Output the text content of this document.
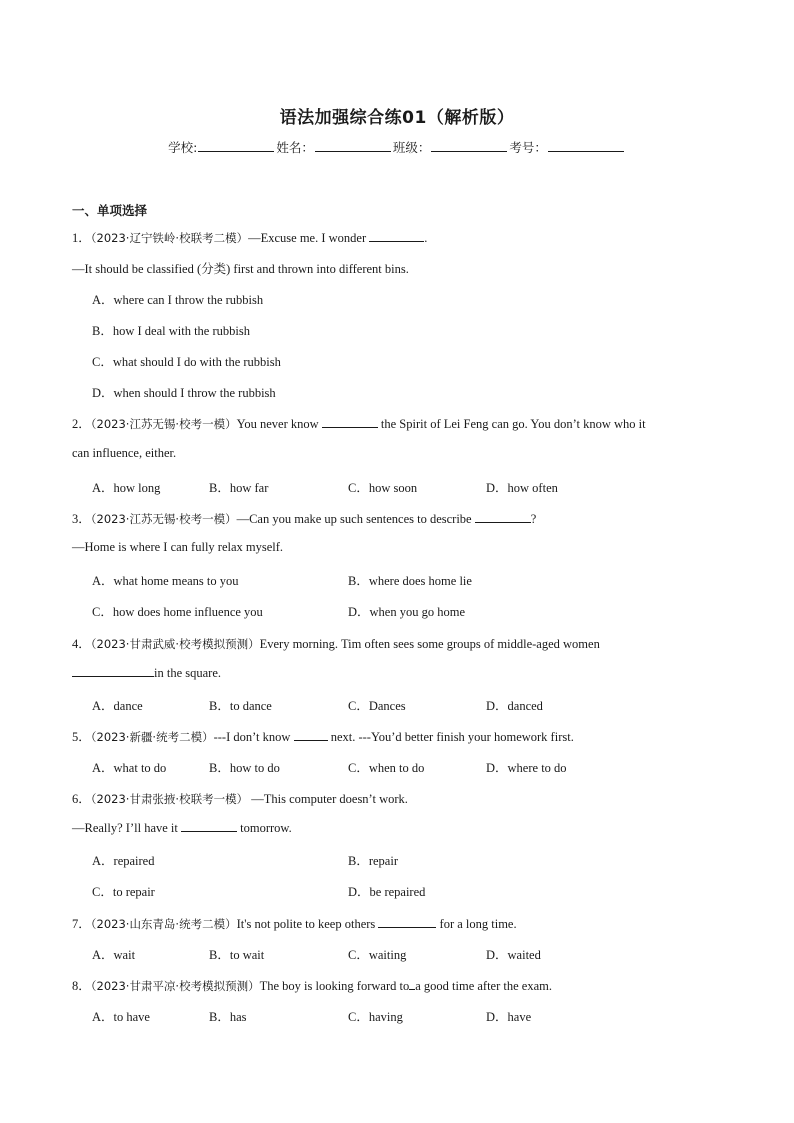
语法加强综合练01（解析版）
学校:	姓名：	班级：	考号：
一、单项选择
1．（2023·辽宁铁岭·校联考二模）—Excuse me. I wonder	.
—It should be classified (分类) first and thrown into different bins.
A．where can I throw the rubbish
B．how I deal with the rubbish
C．what should I do with the rubbish
D．when should I throw the rubbish
2．（2023·江苏无锡·校考一模）You never know	the Spirit of Lei Feng can go. You don’t know who it
can influence, either.
A．how long	B．how far	C．how soon	D．how often
3．（2023·江苏无锡·校考一模）—Can you make up such sentences to describe	?
—Home is where I can fully relax myself.
A．what home means to you	B．where does home lie
C．how does home influence you	D．when you go home
4．（2023·甘肃武威·校考模拟预测）Every morning. Tim often sees some groups of middle-aged women
in the square.
A．dance	B．to dance	C．Dances	D．danced
5．（2023·新疆·统考二模）---I don’t know	next. ---You’d better finish your homework first.
A．what to do	B．how to do	C．when to do	D．where to do
6．（2023·甘肃张掖·校联考一模） —This computer doesn’t work.
—Really? I’ll have it	tomorrow.
A．repaired	B．repair
C．to repair	D．be repaired
7．（2023·山东青岛·统考二模）It's not polite to keep others	for a long time.
A．wait	B．to wait	C．waiting	D．waited
8．（2023·甘肃平凉·校考模拟预测）The boy is looking forward to a good time after the exam.
A．to have	B．has	C．having	D．have
